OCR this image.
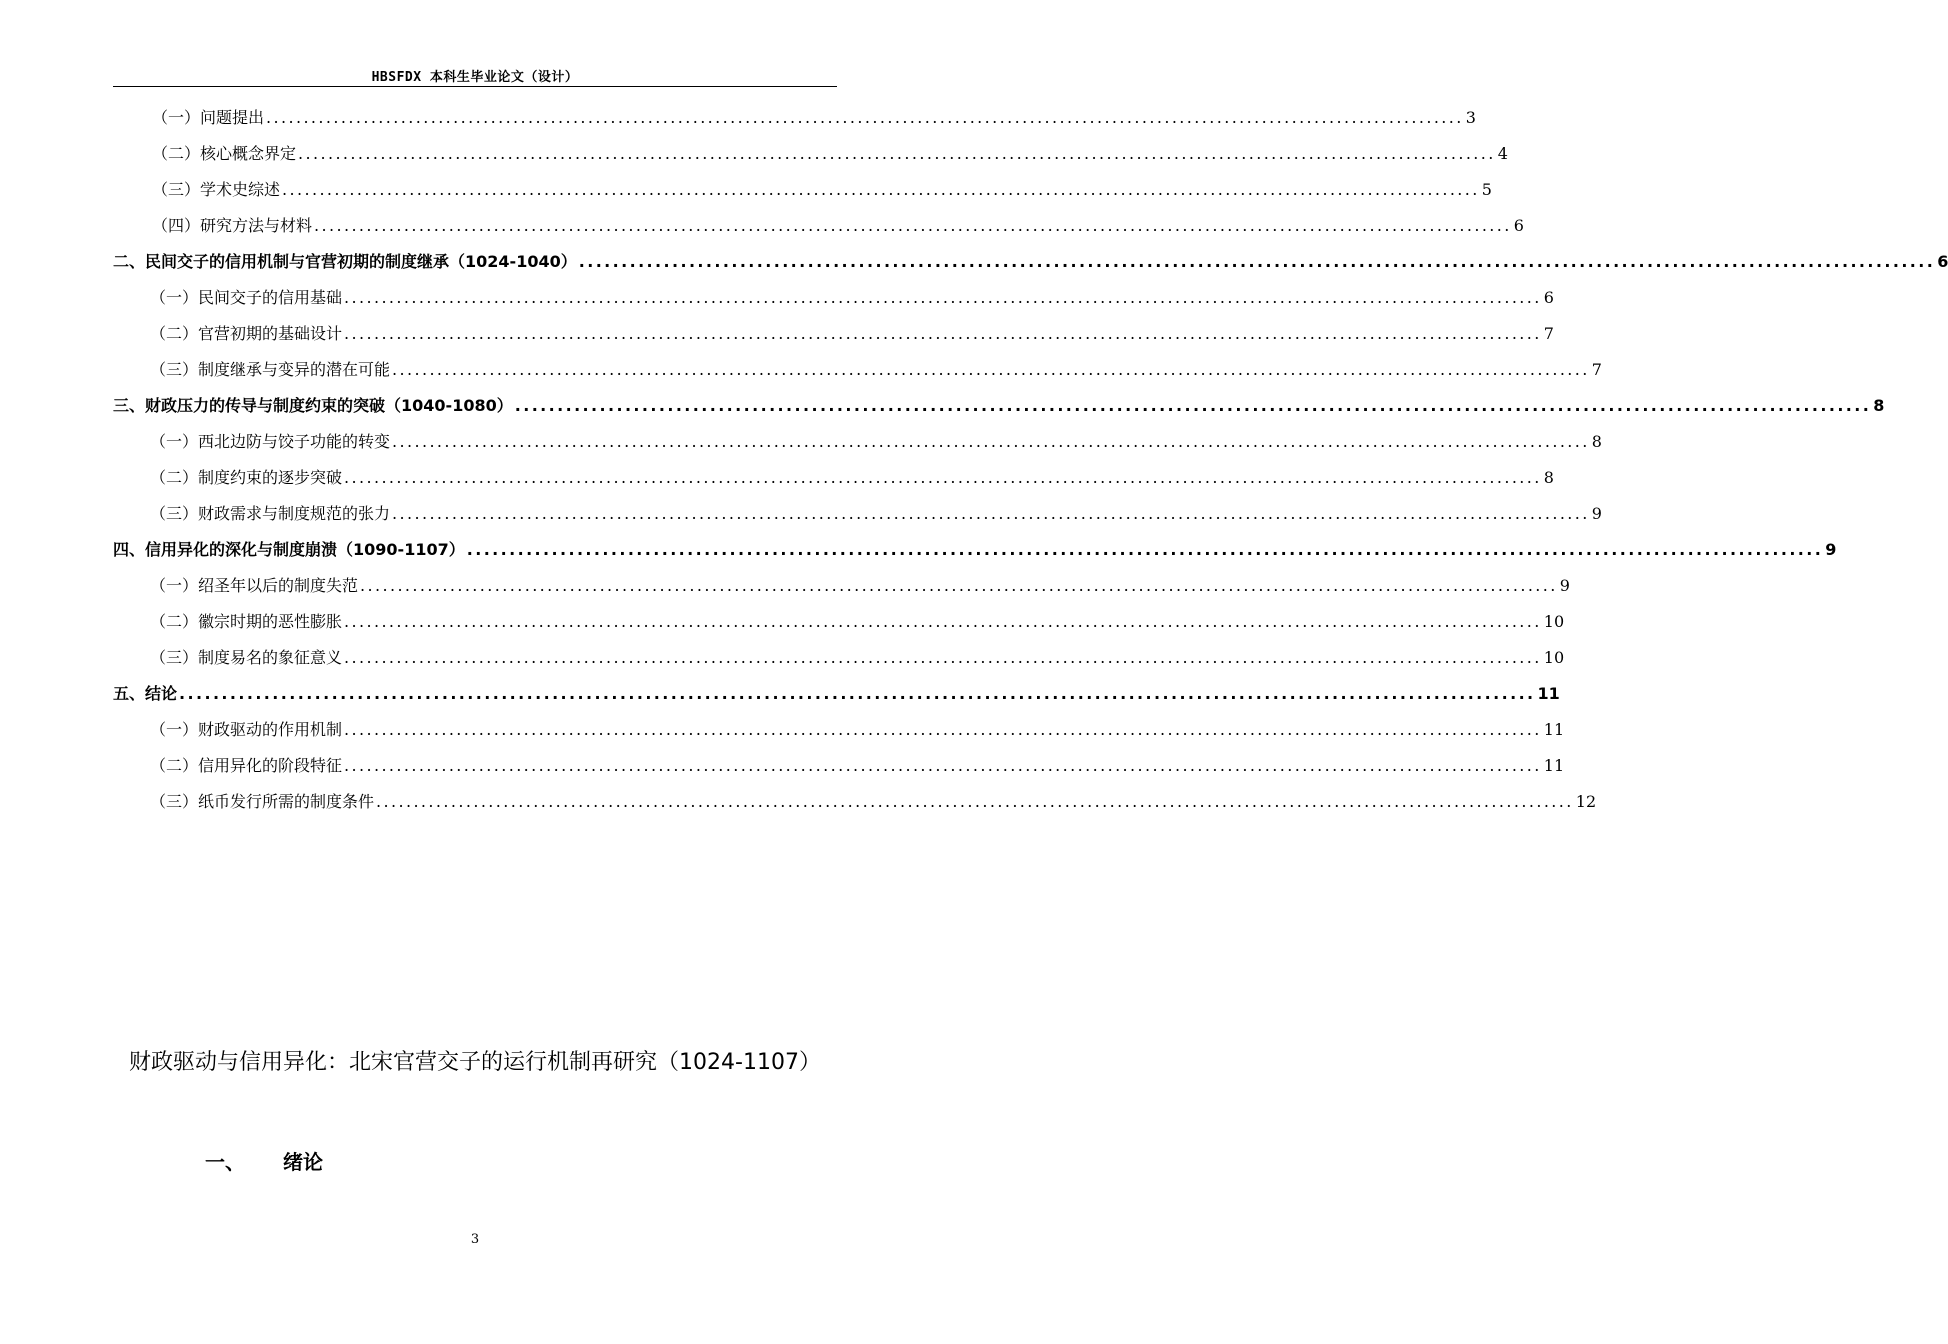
HBSFDX 本科生毕业论文（设计）
（一）问题提出 ................................................................................................................................................................ 3
（二）核心概念界定 ................................................................................................................................................................ 4
（三）学术史综述 ................................................................................................................................................................ 5
（四）研究方法与材料 ................................................................................................................................................................ 6
二、 民间交子的信用机制与官营初期的制度继承（1024-1040） ................................................................................................................................................................ 6
（一）民间交子的信用基础 ................................................................................................................................................................ 6
（二）官营初期的基础设计 ................................................................................................................................................................ 7
（三）制度继承与变异的潜在可能 ................................................................................................................................................................ 7
三、 财政压力的传导与制度约束的突破（1040-1080） ................................................................................................................................................................ 8
（一）西北边防与饺子功能的转变 ................................................................................................................................................................ 8
（二）制度约束的逐步突破 ................................................................................................................................................................ 8
（三）财政需求与制度规范的张力 ................................................................................................................................................................ 9
四、 信用异化的深化与制度崩溃（1090-1107） ................................................................................................................................................................ 9
（一）绍圣年以后的制度失范 ................................................................................................................................................................ 9
（二）徽宗时期的恶性膨胀 ................................................................................................................................................................ 10
（三）制度易名的象征意义 ................................................................................................................................................................ 10
五、 结论 ................................................................................................................................................................ 11
（一）财政驱动的作用机制 ................................................................................................................................................................ 11
（二）信用异化的阶段特征 ................................................................................................................................................................ 11
（三）纸币发行所需的制度条件 ................................................................................................................................................................ 12
财政驱动与信用异化：北宋官营交子的运行机制再研究（1024-1107）
一、 绪论
3
